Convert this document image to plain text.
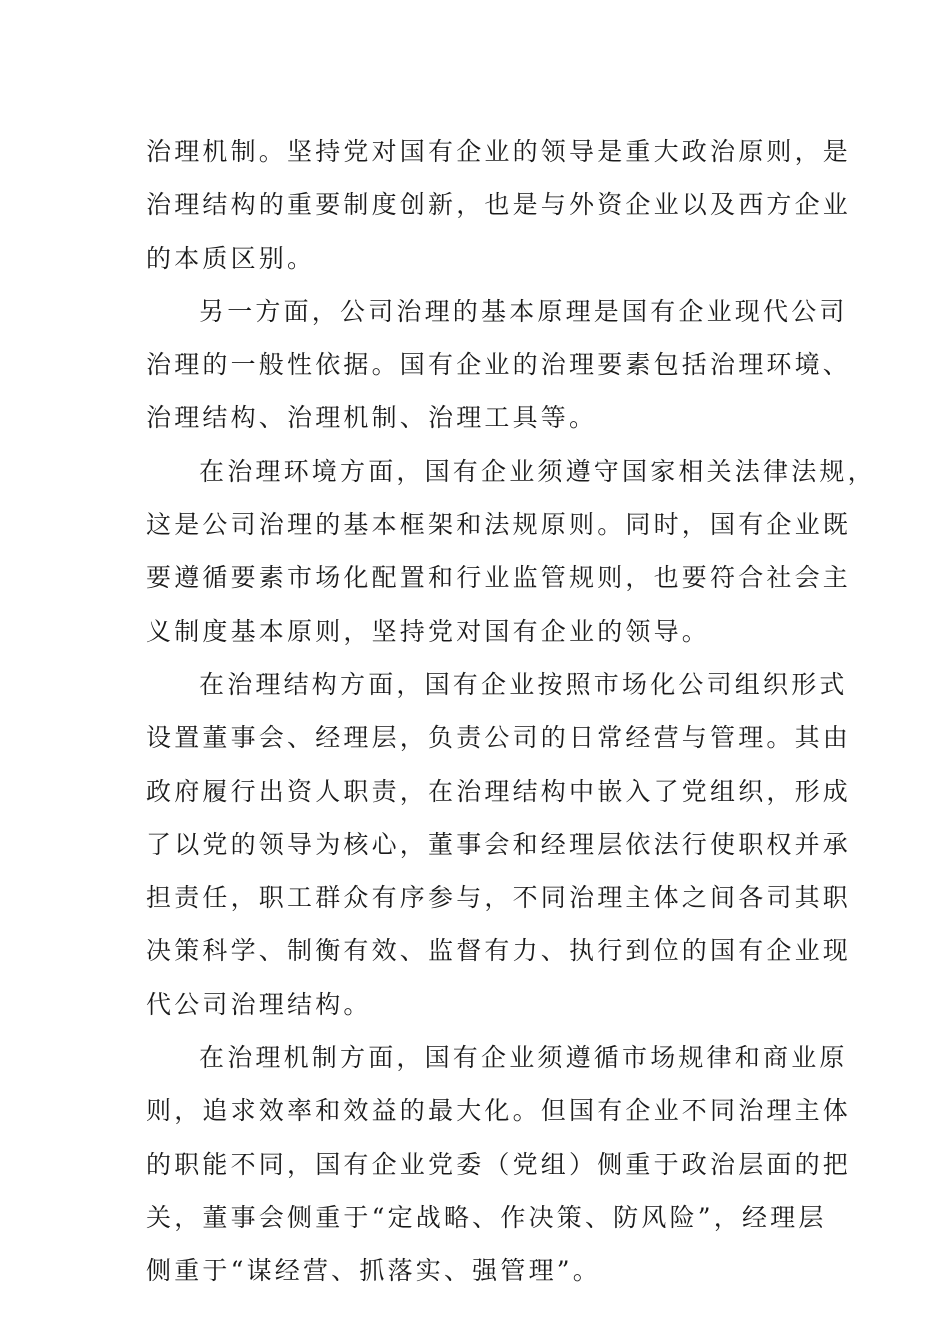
治理机制。坚持党对国有企业的领导是重大政治原则，是
治理结构的重要制度创新，也是与外资企业以及西方企业
的本质区别。
另一方面，公司治理的基本原理是国有企业现代公司
治理的一般性依据。国有企业的治理要素包括治理环境、
治理结构、治理机制、治理工具等。
在治理环境方面，国有企业须遵守国家相关法律法规，
这是公司治理的基本框架和法规原则。同时，国有企业既
要遵循要素市场化配置和行业监管规则，也要符合社会主
义制度基本原则，坚持党对国有企业的领导。
在治理结构方面，国有企业按照市场化公司组织形式
设置董事会、经理层，负责公司的日常经营与管理。其由
政府履行出资人职责，在治理结构中嵌入了党组织，形成
了以党的领导为核心，董事会和经理层依法行使职权并承
担责任，职工群众有序参与，不同治理主体之间各司其职
决策科学、制衡有效、监督有力、执行到位的国有企业现
代公司治理结构。
在治理机制方面，国有企业须遵循市场规律和商业原
则，追求效率和效益的最大化。但国有企业不同治理主体
的职能不同，国有企业党委（党组）侧重于政治层面的把
关，董事会侧重于“定战略、作决策、防风险”，经理层
侧重于“谋经营、抓落实、强管理”。
